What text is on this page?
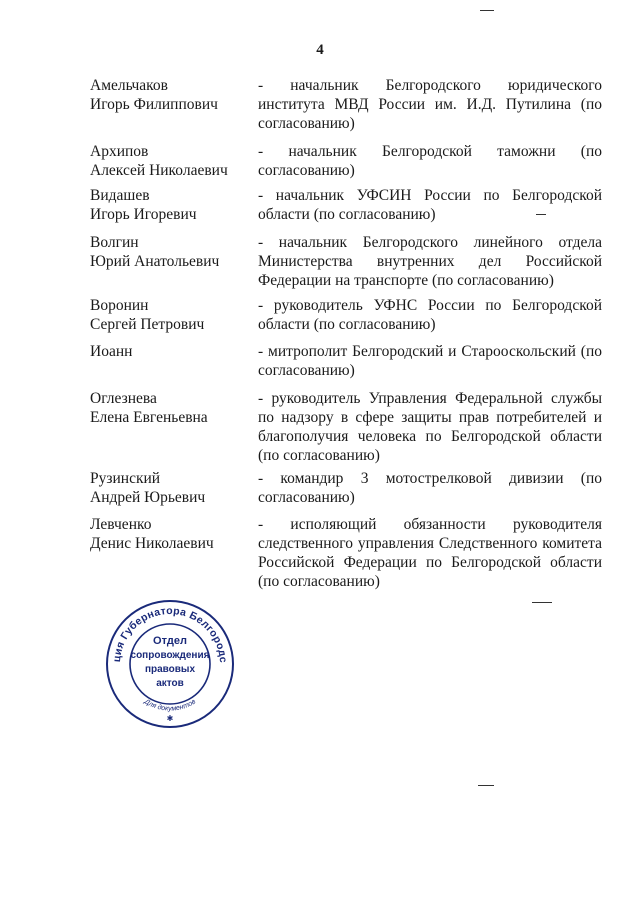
4
Амельчаков
Игорь Филиппович
- начальник Белгородского юридического института МВД России им. И.Д. Путилина (по согласованию)
Архипов
Алексей Николаевич
- начальник Белгородской таможни (по согласованию)
Видашев
Игорь Игоревич
- начальник УФСИН России по Белгородской области (по согласованию)
Волгин
Юрий Анатольевич
- начальник Белгородского линейного отдела Министерства внутренних дел Российской Федерации на транспорте (по согласованию)
Воронин
Сергей Петрович
- руководитель УФНС России по Белгородской области (по согласованию)
Иоанн	- митрополит Белгородский и Старооскольский (по согласованию)
Оглезнева
Елена Евгеньевна
- руководитель Управления Федеральной службы по надзору в сфере защиты прав потребителей и благополучия человека по Белгородской области (по согласованию)
Рузинский
Андрей Юрьевич
- командир 3 мотострелковой дивизии (по согласованию)
Левченко
Денис Николаевич
- исполяющий обязанности руководителя следственного управления Следственного комитета Российской Федерации по Белгородской области (по согласованию)
ция Губернатора Белгородс
Для документов
Отдел
сопровождения
правовых
актов
✱
